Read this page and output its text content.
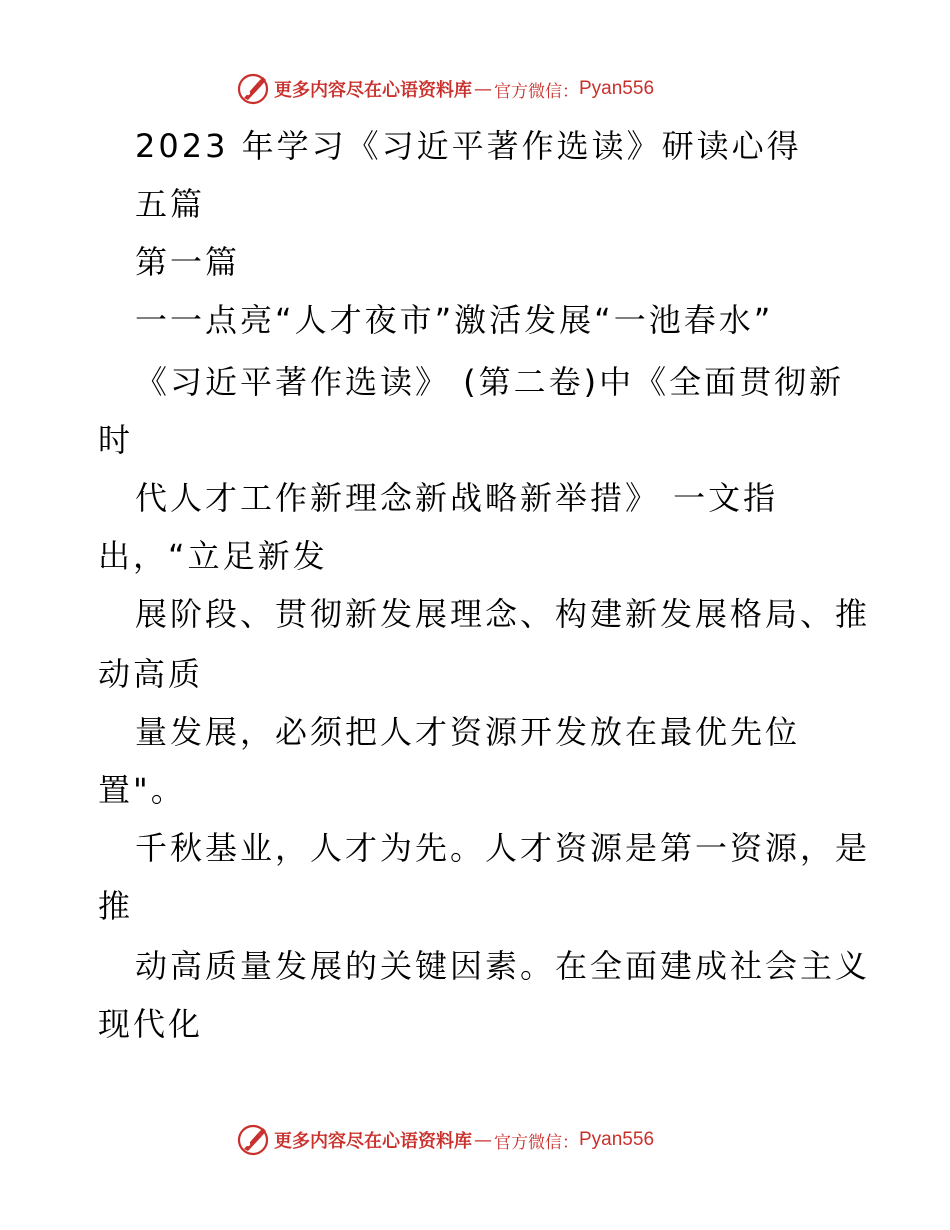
更多内容尽在心语资料库 — 官方微信： Pyan556
2023 年学习《习近平著作选读》研读心得
五篇
第一篇
一一点亮“人才夜市”激活发展“一池春水”
《习近平著作选读》 (第二卷)中《全面贯彻新
时
代人才工作新理念新战略新举措》 一文指
出，“立足新发
展阶段、贯彻新发展理念、构建新发展格局、推
动高质
量发展，必须把人才资源开发放在最优先位
置"。
千秋基业，人才为先。人才资源是第一资源，是
推
动高质量发展的关键因素。在全面建成社会主义
现代化
更多内容尽在心语资料库 — 官方微信： Pyan556
